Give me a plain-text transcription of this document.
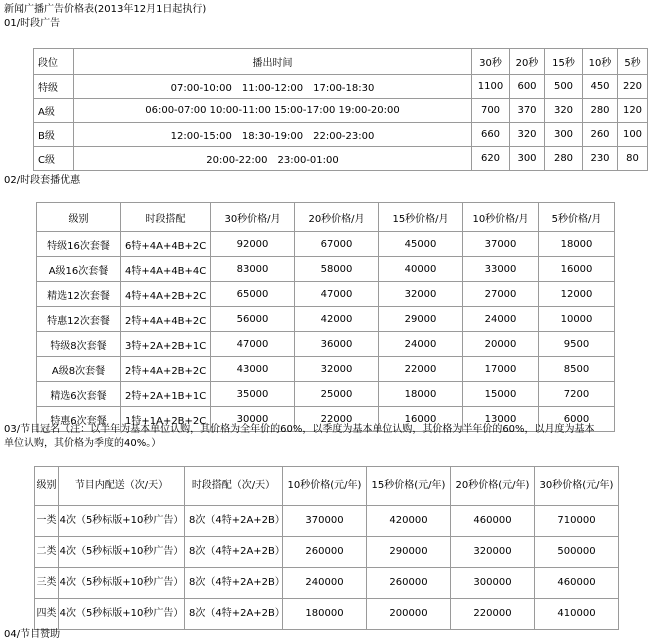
新闻广播广告价格表(2013年12月1日起执行)
01/时段广告
段位	播出时间	30秒	20秒	15秒	10秒	5秒
特级	07:00-10:00　11:00-12:00　17:00-18:30	1100	600	500	450	220
A级	06:00-07:00 10:00-11:00 15:00-17:00 19:00-20:00	700	370	320	280	120
B级	12:00-15:00　18:30-19:00　22:00-23:00	660	320	300	260	100
C级	20:00-22:00　23:00-01:00	620	300	280	230	80
02/时段套播优惠
级别	时段搭配	30秒价格/月	20秒价格/月	15秒价格/月	10秒价格/月	5秒价格/月
特级16次套餐	6特+4A+4B+2C	92000	67000	45000	37000	18000
A级16次套餐	4特+4A+4B+4C	83000	58000	40000	33000	16000
精选12次套餐	4特+4A+2B+2C	65000	47000	32000	27000	12000
特惠12次套餐	2特+4A+4B+2C	56000	42000	29000	24000	10000
特级8次套餐	3特+2A+2B+1C	47000	36000	24000	20000	9500
A级8次套餐	2特+4A+2B+2C	43000	32000	22000	17000	8500
精选6次套餐	2特+2A+1B+1C	35000	25000	18000	15000	7200
特惠6次套餐	1特+1A+2B+2C	30000	22000	16000	13000	6000
03/节目冠名（注：以半年为基本单位认购，其价格为全年价的60%，以季度为基本单位认购，其价格为半年价的60%，以月度为基本
单位认购，其价格为季度的40%。）
级别	节目内配送（次/天）	时段搭配（次/天）	10秒价格(元/年)	15秒价格(元/年)	20秒价格(元/年)	30秒价格(元/年)
一类	4次（5秒标版+10秒广告）	8次（4特+2A+2B）	370000	420000	460000	710000
二类	4次（5秒标版+10秒广告）	8次（4特+2A+2B）	260000	290000	320000	500000
三类	4次（5秒标版+10秒广告）	8次（4特+2A+2B）	240000	260000	300000	460000
四类	4次（5秒标版+10秒广告）	8次（4特+2A+2B）	180000	200000	220000	410000
04/节目赞助
